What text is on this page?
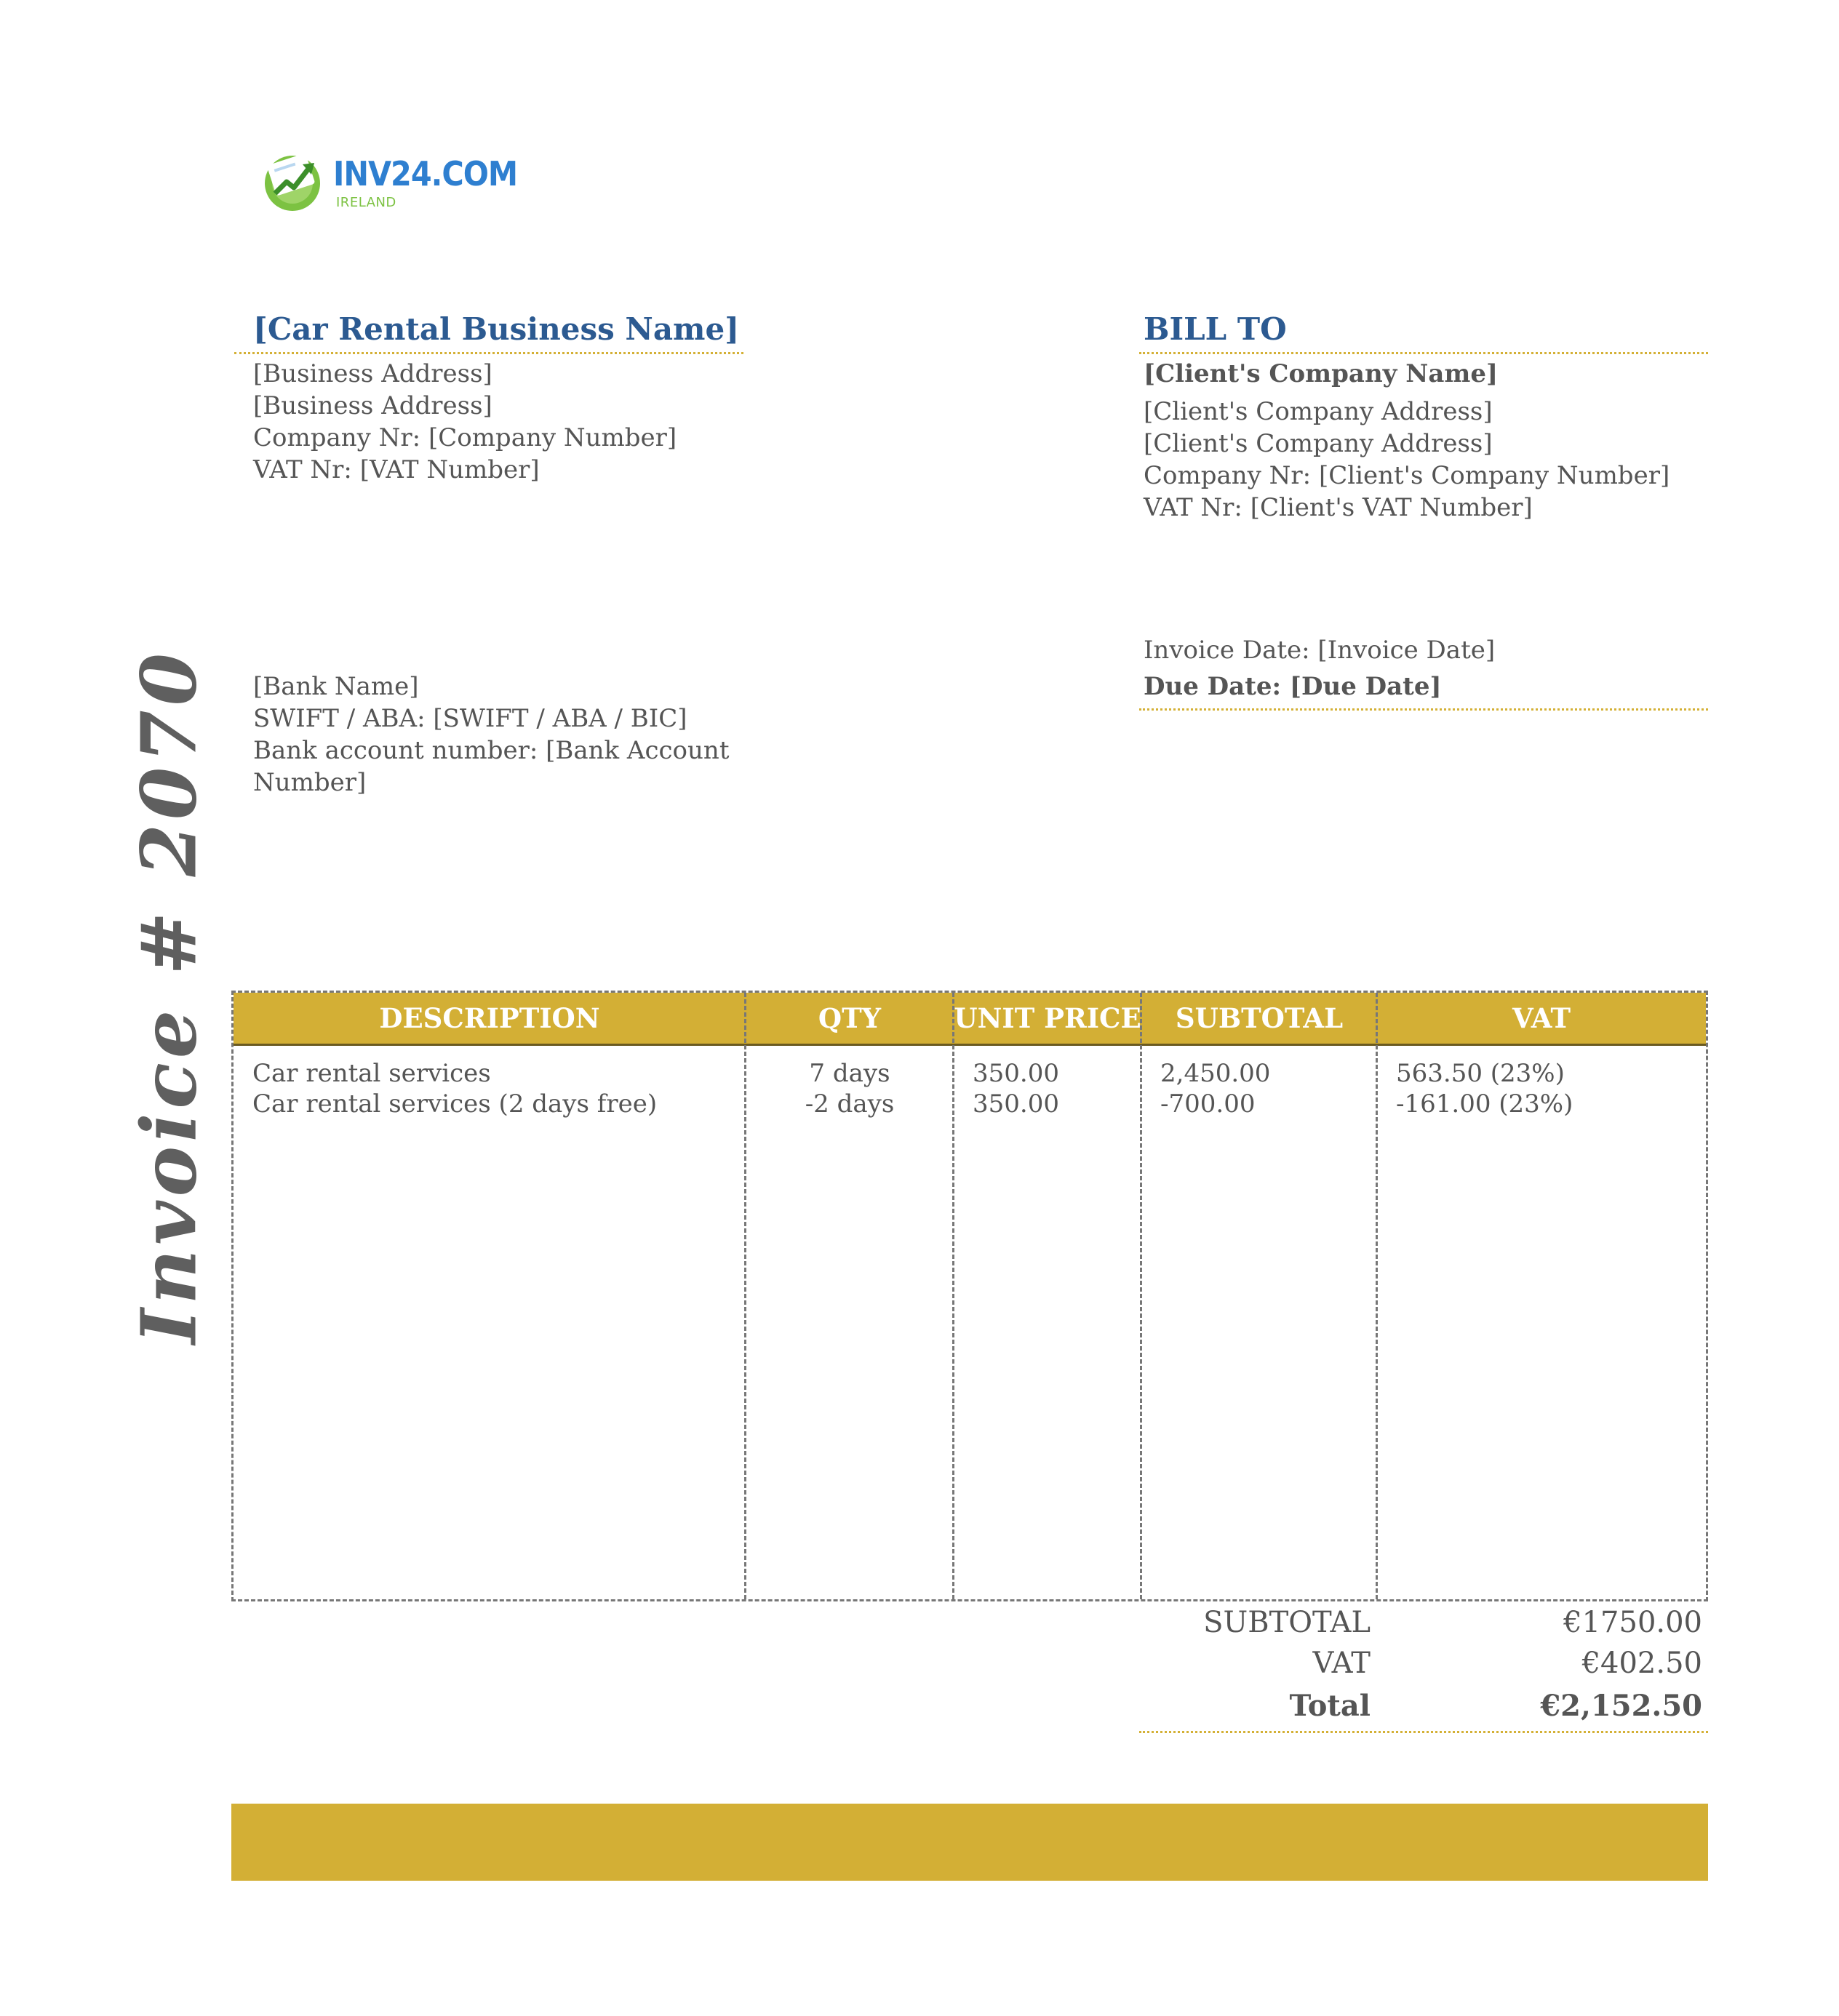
INV24.COM
IRELAND
Invoice # 2070
[Car Rental Business Name]
[Business Address]
[Business Address]
Company Nr: [Company Number]
VAT Nr: [VAT Number]
BILL TO
[Client's Company Name]
[Client's Company Address]
[Client's Company Address]
Company Nr: [Client's Company Number]
VAT Nr: [Client's VAT Number]
[Bank Name]
SWIFT / ABA: [SWIFT / ABA / BIC]
Bank account number: [Bank Account
Number]
Invoice Date: [Invoice Date]
Due Date: [Due Date]
DESCRIPTION	QTY	UNIT PRICE	SUBTOTAL	VAT
Car rental services	7 days	350.00	2,450.00	563.50 (23%)
Car rental services (2 days free)	-2 days	350.00	-700.00	-161.00 (23%)
SUBTOTAL	€1750.00
VAT	€402.50
Total	€2,152.50
